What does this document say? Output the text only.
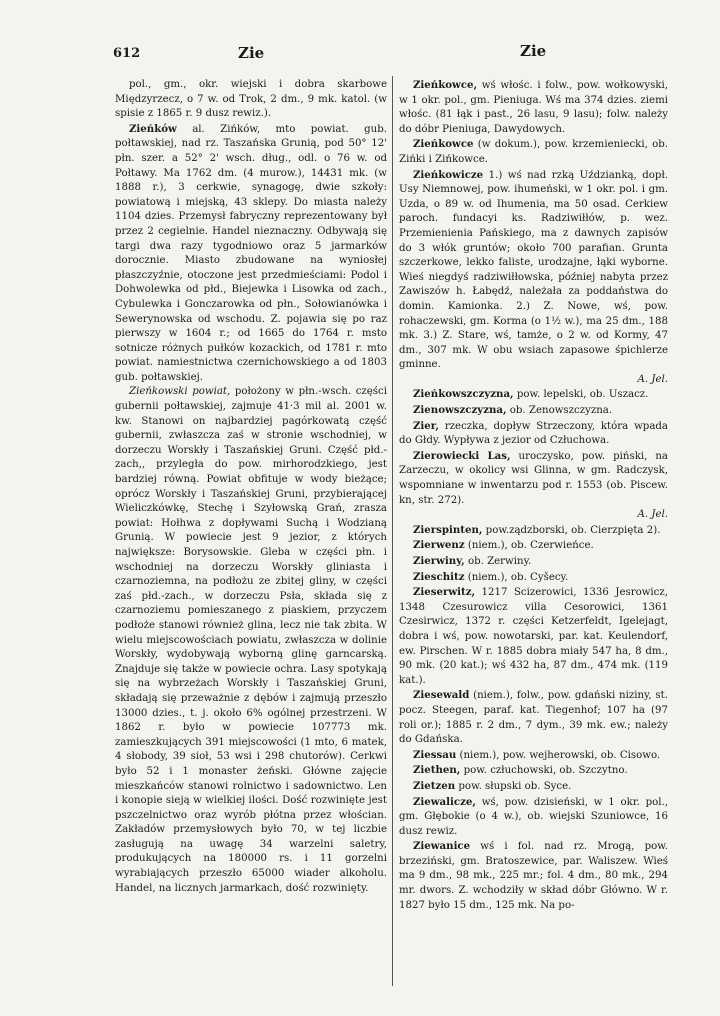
612	Zie	Zie

pol., gm., okr. wiejski i dobra skarbowe Międzyrzecz, o 7 w. od Trok, 2 dm., 9 mk. katol. (w spisie z 1865 r. 9 dusz rewiz.).

Zieńków al. Zińków, mto powiat. gub. połtawskiej, nad rz. Taszańska Grunią, pod 50° 12' płn. szer. a 52° 2' wsch. dług., odl. o 76 w. od Połtawy. Ma 1762 dm. (4 murow.), 14431 mk. (w 1888 r.), 3 cerkwie, synagogę, dwie szkoły: powiatową i miejską, 43 sklepy. Do miasta należy 1104 dzies. Przemysł fabryczny reprezentowany był przez 2 cegielnie. Handel nieznaczny. Odbywają się targi dwa razy tygodniowo oraz 5 jarmarków dorocznie. Miasto zbudowane na wyniosłej płaszczyźnie, otoczone jest przedmieściami: Podol i Dohwolewka od płd., Biejewka i Lisowka od zach., Cybulewka i Gonczarowka od płn., Sołowianówka i Sewerynowska od wschodu. Z. pojawia się po raz pierwszy w 1604 r.; od 1665 do 1764 r. msto sotnicze różnych pułków kozackich, od 1781 r. mto powiat. namiestnictwa czernichowskiego a od 1803 gub. połtawskiej.

Zieńkowski powiat, położony w płn.-wsch. części gubernii połtawskiej, zajmuje 41·3 mil al. 2001 w. kw. Stanowi on najbardziej pagórkowatą część gubernii, zwłaszcza zaś w stronie wschodniej, w dorzeczu Worskły i Taszańskiej Gruni. Część płd.-zach,, przyległa do pow. mirhorodzkiego, jest bardziej równą. Powiat obfituje w wody bieżące; oprócz Worskły i Taszańskiej Gruni, przybierającej Wieliczkówkę, Stechę i Szyłowską Grań, zrasza powiat: Hołhwa z dopływami Suchą i Wodzianą Grunią. W powiecie jest 9 jezior, z których największe: Borysowskie. Gleba w części płn. i wschodniej na dorzeczu Worskły gliniasta i czarnoziemna, na podłożu ze zbitej gliny, w części zaś płd.-zach., w dorzeczu Psła, składa się z czarnoziemu pomieszanego z piaskiem, przyczem podłoże stanowi również glina, lecz nie tak zbita. W wielu miejscowościach powiatu, zwłaszcza w dolinie Worskły, wydobywają wyborną glinę garncarską. Znajduje się także w powiecie ochra. Lasy spotykają się na wybrzeżach Worskły i Taszańskiej Gruni, składają się przeważnie z dębów i zajmują przeszło 13000 dzies., t. j. około 6% ogólnej przestrzeni. W 1862 r. było w powiecie 107773 mk. zamieszkujących 391 miejscowości (1 mto, 6 matek, 4 słobody, 39 sioł, 53 wsi i 298 chutorów). Cerkwi było 52 i 1 monaster żeński. Główne zajęcie mieszkańców stanowi rolnictwo i sadownictwo. Len i konopie sieją w wielkiej ilości. Dość rozwinięte jest pszczelnictwo oraz wyrób płótna przez włościan. Zakładów przemysłowych było 70, w tej liczbie zasługują na uwagę 34 warzelni saletry, produkujących na 180000 rs. i 11 gorzelni wyrabiających przeszło 65000 wiader alkoholu. Handel, na licznych jarmarkach, dość rozwinięty.

Zieńkowce, wś włośc. i folw., pow. wołkowyski, w 1 okr. pol., gm. Pieniuga. Wś ma 374 dzies. ziemi włośc. (81 łąk i past., 26 lasu, 9 lasu); folw. należy do dóbr Pieniuga, Dawydowych.

Zieńkowce (w dokum.), pow. krzemieniecki, ob. Zińki i Zińkowce.

Zieńkowicze 1.) wś nad rzką Uździanką, dopł. Usy Niemnowej, pow. ihumeński, w 1 okr. pol. i gm. Uzda, o 89 w. od Ihumenia, ma 50 osad. Cerkiew paroch. fundacyi ks. Radziwiłłów, p. wez. Przemienienia Pańskiego, ma z dawnych zapisów do 3 włók gruntów; około 700 parafian. Grunta szczerkowe, lekko faliste, urodzajne, łąki wyborne. Wieś niegdyś radziwiłłowska, później nabyta przez Zawiszów h. Łabędź, należała za poddaństwa do domin. Kamionka. 2.) Z. Nowe, wś, pow. rohaczewski, gm. Korma (o 1½ w.), ma 25 dm., 188 mk. 3.) Z. Stare, wś, tamże, o 2 w. od Kormy, 47 dm., 307 mk. W obu wsiach zapasowe śpichlerze gminne.
A. Jel.

Zieńkowszczyzna, pow. lepelski, ob. Uszacz.

Zienowszczyzna, ob. Zenowszczyzna.

Zier, rzeczka, dopływ Strzeczony, która wpada do Głdy. Wypływa z jezior od Człuchowa.

Zierowiecki Las, uroczysko, pow. piński, na Zarzeczu, w okolicy wsi Glinna, w gm. Radczysk, wspomniane w inwentarzu pod r. 1553 (ob. Piscew. kn, str. 272).
A. Jel.

Zierspinten, pow.ządzborski, ob. Cierzpięta 2).

Zierwenz (niem.), ob. Czerwieńce.

Zierwiny, ob. Zerwiny.

Zieschitz (niem.), ob. Cyšecy.

Zieserwitz, 1217 Scizerowici, 1336 Jesrowicz, 1348 Czesurowicz villa Cesorowici, 1361 Czesirwicz, 1372 r. części Ketzerfeldt, Igelejagt, dobra i wś, pow. nowotarski, par. kat. Keulendorf, ew. Pirschen. W r. 1885 dobra miały 547 ha, 8 dm., 90 mk. (20 kat.); wś 432 ha, 87 dm., 474 mk. (119 kat.).

Ziesewald (niem.), folw., pow. gdański niziny, st. pocz. Steegen, paraf. kat. Tiegenhof; 107 ha (97 roli or.); 1885 r. 2 dm., 7 dym., 39 mk. ew.; należy do Gdańska.

Ziessau (niem.), pow. wejherowski, ob. Cisowo.

Ziethen, pow. człuchowski, ob. Szczytno.

Zietzen pow. słupski ob. Syce.

Ziewalicze, wś, pow. dzisieński, w 1 okr. pol., gm. Głębokie (o 4 w.), ob. wiejski Szuniowce, 16 dusz rewiz.

Ziewanice wś i fol. nad rz. Mrogą, pow. brzeziński, gm. Bratoszewice, par. Waliszew. Wieś ma 9 dm., 98 mk., 225 mr.; fol. 4 dm., 80 mk., 294 mr. dwors. Z. wchodziły w skład dóbr Główno. W r. 1827 było 15 dm., 125 mk. Na po-
